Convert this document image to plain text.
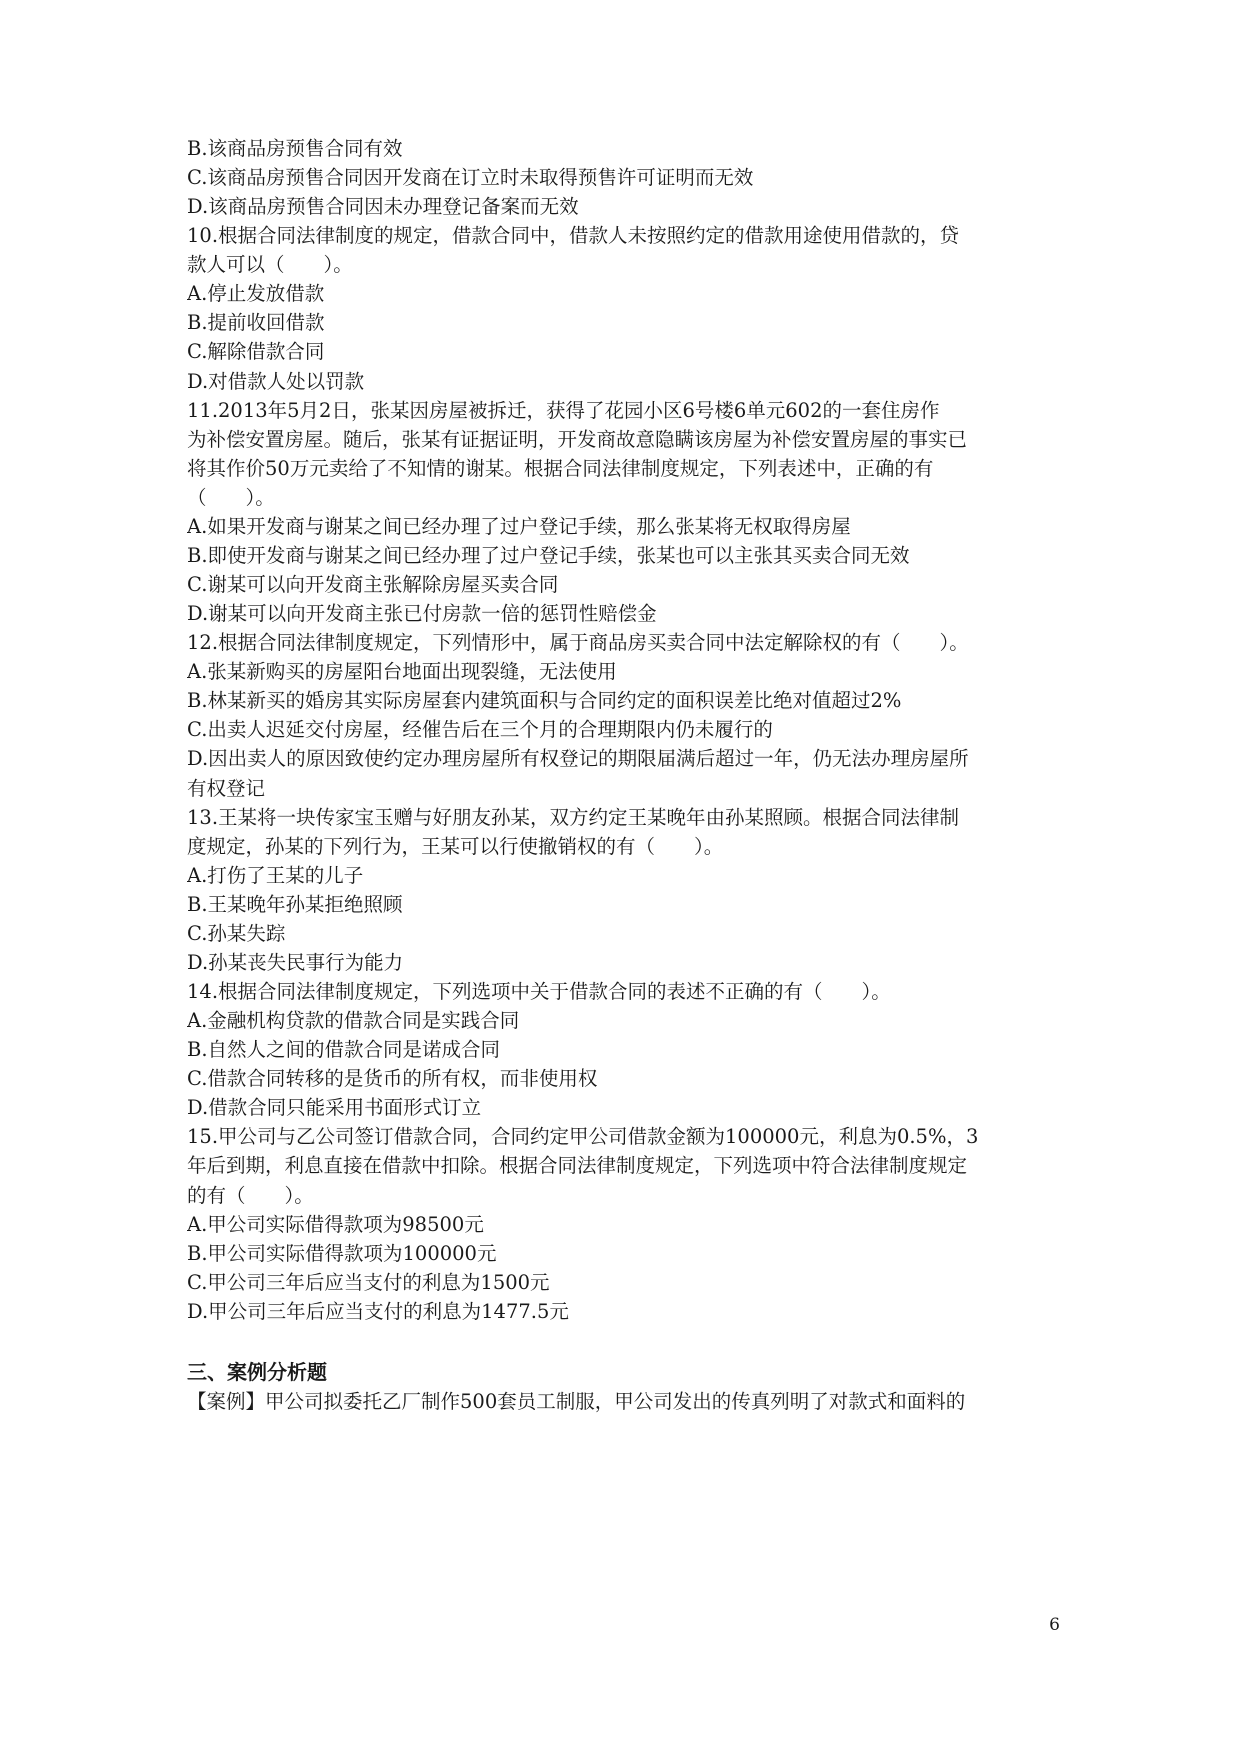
B.该商品房预售合同有效
C.该商品房预售合同因开发商在订立时未取得预售许可证明而无效
D.该商品房预售合同因未办理登记备案而无效
10.根据合同法律制度的规定，借款合同中，借款人未按照约定的借款用途使用借款的，贷
款人可以（　　）。
A.停止发放借款
B.提前收回借款
C.解除借款合同
D.对借款人处以罚款
11.2013年5月2日，张某因房屋被拆迁，获得了花园小区6号楼6单元602的一套住房作
为补偿安置房屋。随后，张某有证据证明，开发商故意隐瞒该房屋为补偿安置房屋的事实已
将其作价50万元卖给了不知情的谢某。根据合同法律制度规定，下列表述中，正确的有
（　　）。
A.如果开发商与谢某之间已经办理了过户登记手续，那么张某将无权取得房屋
B.即使开发商与谢某之间已经办理了过户登记手续，张某也可以主张其买卖合同无效
C.谢某可以向开发商主张解除房屋买卖合同
D.谢某可以向开发商主张已付房款一倍的惩罚性赔偿金
12.根据合同法律制度规定，下列情形中，属于商品房买卖合同中法定解除权的有（　　）。
A.张某新购买的房屋阳台地面出现裂缝，无法使用
B.林某新买的婚房其实际房屋套内建筑面积与合同约定的面积误差比绝对值超过2%
C.出卖人迟延交付房屋，经催告后在三个月的合理期限内仍未履行的
D.因出卖人的原因致使约定办理房屋所有权登记的期限届满后超过一年，仍无法办理房屋所
有权登记
13.王某将一块传家宝玉赠与好朋友孙某，双方约定王某晚年由孙某照顾。根据合同法律制
度规定，孙某的下列行为，王某可以行使撤销权的有（　　）。
A.打伤了王某的儿子
B.王某晚年孙某拒绝照顾
C.孙某失踪
D.孙某丧失民事行为能力
14.根据合同法律制度规定，下列选项中关于借款合同的表述不正确的有（　　）。
A.金融机构贷款的借款合同是实践合同
B.自然人之间的借款合同是诺成合同
C.借款合同转移的是货币的所有权，而非使用权
D.借款合同只能采用书面形式订立
15.甲公司与乙公司签订借款合同，合同约定甲公司借款金额为100000元，利息为0.5%，3
年后到期，利息直接在借款中扣除。根据合同法律制度规定，下列选项中符合法律制度规定
的有（　　）。
A.甲公司实际借得款项为98500元
B.甲公司实际借得款项为100000元
C.甲公司三年后应当支付的利息为1500元
D.甲公司三年后应当支付的利息为1477.5元
三、案例分析题
【案例】甲公司拟委托乙厂制作500套员工制服，甲公司发出的传真列明了对款式和面料的
6
